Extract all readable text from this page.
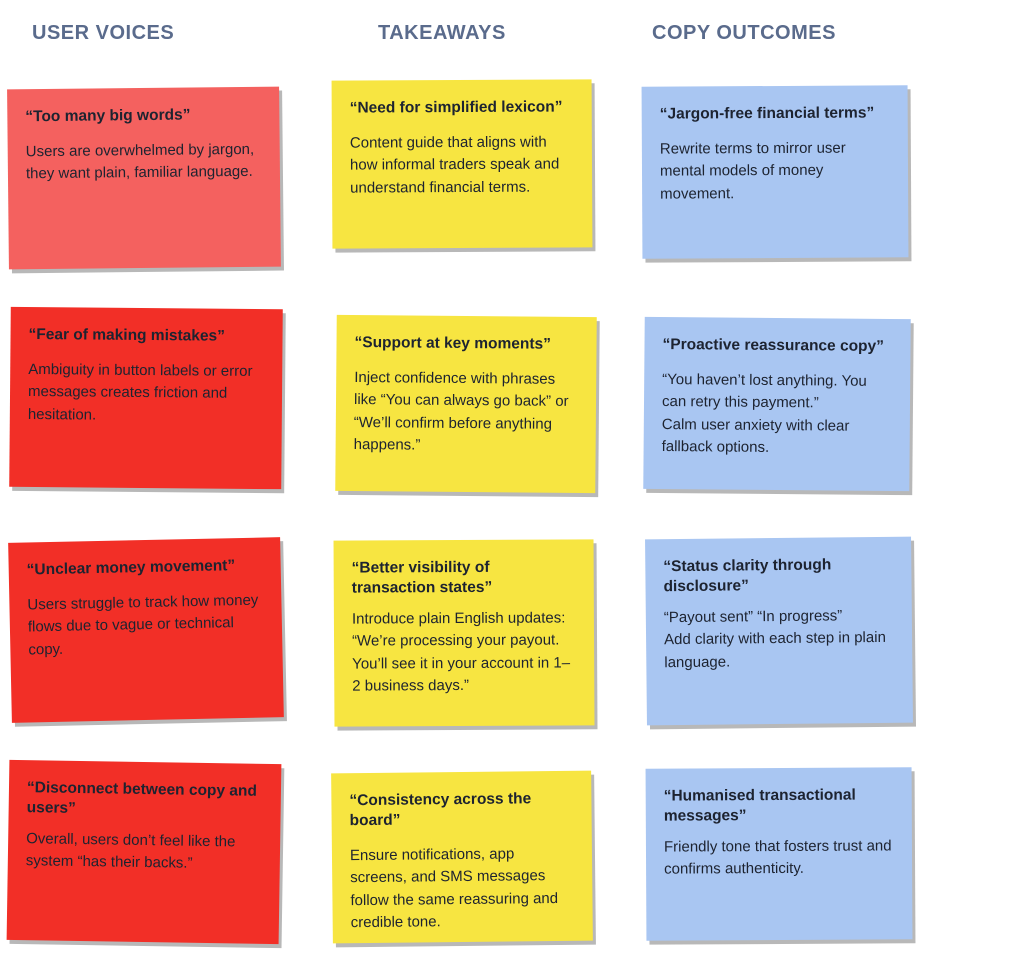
USER VOICES	TAKEAWAYS	COPY OUTCOMES

“Too many big words”

Users are overwhelmed by jargon, they want plain, familiar language.

“Fear of making mistakes”

Ambiguity in button labels or error messages creates friction and hesitation.

“Unclear money movement”

Users struggle to track how money flows due to vague or technical copy.

“Disconnect between copy and users”

Overall, users don’t feel like the system “has their backs.”

“Need for simplified lexicon”

Content guide that aligns with how informal traders speak and understand financial terms.

“Support at key moments”

Inject confidence with phrases like “You can always go back” or “We’ll confirm before anything happens.”

“Better visibility of transaction states”

Introduce plain English updates: “We’re processing your payout. You’ll see it in your account in 1–2 business days.”

“Consistency across the board”

Ensure notifications, app screens, and SMS messages follow the same reassuring and credible tone.

“Jargon-free financial terms”

Rewrite terms to mirror user mental models of money movement.

“Proactive reassurance copy”

“You haven’t lost anything. You can retry this payment.”
Calm user anxiety with clear fallback options.

“Status clarity through disclosure”

“Payout sent” “In progress”
Add clarity with each step in plain language.

“Humanised transactional messages”

Friendly tone that fosters trust and confirms authenticity.
